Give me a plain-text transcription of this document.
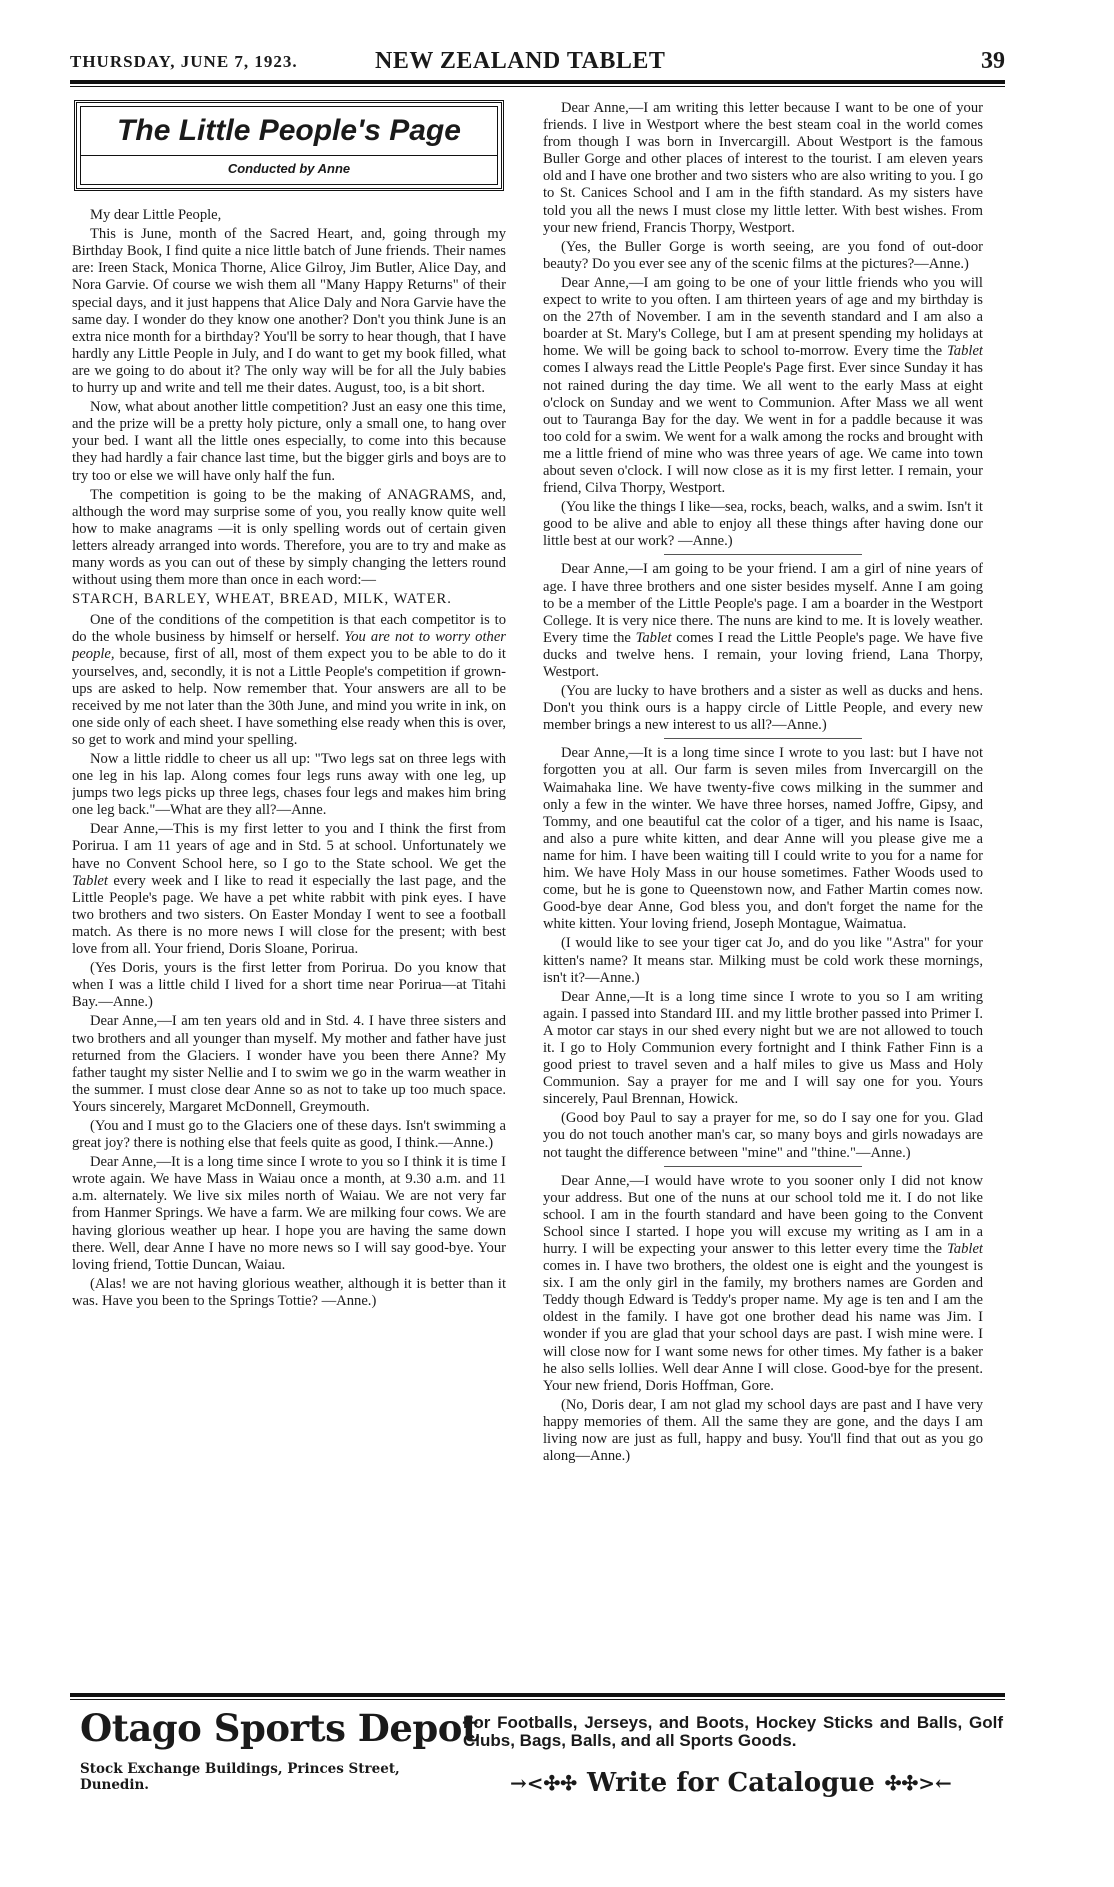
THURSDAY, JUNE 7, 1923.	NEW ZEALAND TABLET	39
The Little People's Page
Conducted by Anne

My dear Little People,

This is June, month of the Sacred Heart, and, going through my Birthday Book, I find quite a nice little batch of June friends. Their names are: Ireen Stack, Monica Thorne, Alice Gilroy, Jim Butler, Alice Day, and Nora Garvie. Of course we wish them all "Many Happy Returns" of their special days, and it just happens that Alice Daly and Nora Garvie have the same day. I wonder do they know one another? Don't you think June is an extra nice month for a birthday? You'll be sorry to hear though, that I have hardly any Little People in July, and I do want to get my book filled, what are we going to do about it? The only way will be for all the July babies to hurry up and write and tell me their dates. August, too, is a bit short.

Now, what about another little competition? Just an easy one this time, and the prize will be a pretty holy picture, only a small one, to hang over your bed. I want all the little ones especially, to come into this because they had hardly a fair chance last time, but the bigger girls and boys are to try too or else we will have only half the fun.

The competition is going to be the making of ANAGRAMS, and, although the word may surprise some of you, you really know quite well how to make anagrams —it is only spelling words out of certain given letters already arranged into words. Therefore, you are to try and make as many words as you can out of these by simply changing the letters round without using them more than once in each word:—

STARCH, BARLEY, WHEAT, BREAD, MILK, WATER.

One of the conditions of the competition is that each competitor is to do the whole business by himself or herself. You are not to worry other people, because, first of all, most of them expect you to be able to do it yourselves, and, secondly, it is not a Little People's competition if grown-ups are asked to help. Now remember that. Your answers are all to be received by me not later than the 30th June, and mind you write in ink, on one side only of each sheet. I have something else ready when this is over, so get to work and mind your spelling.

Now a little riddle to cheer us all up: "Two legs sat on three legs with one leg in his lap. Along comes four legs runs away with one leg, up jumps two legs picks up three legs, chases four legs and makes him bring one leg back."—What are they all?—Anne.

Dear Anne,—This is my first letter to you and I think the first from Porirua. I am 11 years of age and in Std. 5 at school. Unfortunately we have no Convent School here, so I go to the State school. We get the Tablet every week and I like to read it especially the last page, and the Little People's page. We have a pet white rabbit with pink eyes. I have two brothers and two sisters. On Easter Monday I went to see a football match. As there is no more news I will close for the present; with best love from all. Your friend, Doris Sloane, Porirua.

(Yes Doris, yours is the first letter from Porirua. Do you know that when I was a little child I lived for a short time near Porirua—at Titahi Bay.—Anne.)

Dear Anne,—I am ten years old and in Std. 4. I have three sisters and two brothers and all younger than myself. My mother and father have just returned from the Glaciers. I wonder have you been there Anne? My father taught my sister Nellie and I to swim we go in the warm weather in the summer. I must close dear Anne so as not to take up too much space. Yours sincerely, Margaret McDonnell, Greymouth.

(You and I must go to the Glaciers one of these days. Isn't swimming a great joy? there is nothing else that feels quite as good, I think.—Anne.)

Dear Anne,—It is a long time since I wrote to you so I think it is time I wrote again. We have Mass in Waiau once a month, at 9.30 a.m. and 11 a.m. alternately. We live six miles north of Waiau. We are not very far from Hanmer Springs. We have a farm. We are milking four cows. We are having glorious weather up hear. I hope you are having the same down there. Well, dear Anne I have no more news so I will say good-bye. Your loving friend, Tottie Duncan, Waiau.

(Alas! we are not having glorious weather, although it is better than it was. Have you been to the Springs Tottie? —Anne.)

Dear Anne,—I am writing this letter because I want to be one of your friends. I live in Westport where the best steam coal in the world comes from though I was born in Invercargill. About Westport is the famous Buller Gorge and other places of interest to the tourist. I am eleven years old and I have one brother and two sisters who are also writing to you. I go to St. Canices School and I am in the fifth standard. As my sisters have told you all the news I must close my little letter. With best wishes. From your new friend, Francis Thorpy, Westport.

(Yes, the Buller Gorge is worth seeing, are you fond of out-door beauty? Do you ever see any of the scenic films at the pictures?—Anne.)

Dear Anne,—I am going to be one of your little friends who you will expect to write to you often. I am thirteen years of age and my birthday is on the 27th of November. I am in the seventh standard and I am also a boarder at St. Mary's College, but I am at present spending my holidays at home. We will be going back to school to-morrow. Every time the Tablet comes I always read the Little People's Page first. Ever since Sunday it has not rained during the day time. We all went to the early Mass at eight o'clock on Sunday and we went to Communion. After Mass we all went out to Tauranga Bay for the day. We went in for a paddle because it was too cold for a swim. We went for a walk among the rocks and brought with me a little friend of mine who was three years of age. We came into town about seven o'clock. I will now close as it is my first letter. I remain, your friend, Cilva Thorpy, Westport.

(You like the things I like—sea, rocks, beach, walks, and a swim. Isn't it good to be alive and able to enjoy all these things after having done our little best at our work? —Anne.)

Dear Anne,—I am going to be your friend. I am a girl of nine years of age. I have three brothers and one sister besides myself. Anne I am going to be a member of the Little People's page. I am a boarder in the Westport College. It is very nice there. The nuns are kind to me. It is lovely weather. Every time the Tablet comes I read the Little People's page. We have five ducks and twelve hens. I remain, your loving friend, Lana Thorpy, Westport.

(You are lucky to have brothers and a sister as well as ducks and hens. Don't you think ours is a happy circle of Little People, and every new member brings a new interest to us all?—Anne.)

Dear Anne,—It is a long time since I wrote to you last: but I have not forgotten you at all. Our farm is seven miles from Invercargill on the Waimahaka line. We have twenty-five cows milking in the summer and only a few in the winter. We have three horses, named Joffre, Gipsy, and Tommy, and one beautiful cat the color of a tiger, and his name is Isaac, and also a pure white kitten, and dear Anne will you please give me a name for him. I have been waiting till I could write to you for a name for him. We have Holy Mass in our house sometimes. Father Woods used to come, but he is gone to Queenstown now, and Father Martin comes now. Good-bye dear Anne, God bless you, and don't forget the name for the white kitten. Your loving friend, Joseph Montague, Waimatua.

(I would like to see your tiger cat Jo, and do you like "Astra" for your kitten's name? It means star. Milking must be cold work these mornings, isn't it?—Anne.)

Dear Anne,—It is a long time since I wrote to you so I am writing again. I passed into Standard III. and my little brother passed into Primer I. A motor car stays in our shed every night but we are not allowed to touch it. I go to Holy Communion every fortnight and I think Father Finn is a good priest to travel seven and a half miles to give us Mass and Holy Communion. Say a prayer for me and I will say one for you. Yours sincerely, Paul Brennan, Howick.

(Good boy Paul to say a prayer for me, so do I say one for you. Glad you do not touch another man's car, so many boys and girls nowadays are not taught the difference between "mine" and "thine."—Anne.)

Dear Anne,—I would have wrote to you sooner only I did not know your address. But one of the nuns at our school told me it. I do not like school. I am in the fourth standard and have been going to the Convent School since I started. I hope you will excuse my writing as I am in a hurry. I will be expecting your answer to this letter every time the Tablet comes in. I have two brothers, the oldest one is eight and the youngest is six. I am the only girl in the family, my brothers names are Gorden and Teddy though Edward is Teddy's proper name. My age is ten and I am the oldest in the family. I have got one brother dead his name was Jim. I wonder if you are glad that your school days are past. I wish mine were. I will close now for I want some news for other times. My father is a baker he also sells lollies. Well dear Anne I will close. Good-bye for the present. Your new friend, Doris Hoffman, Gore.

(No, Doris dear, I am not glad my school days are past and I have very happy memories of them. All the same they are gone, and the days I am living now are just as full, happy and busy. You'll find that out as you go along—Anne.)

Otago Sports Depot
Stock Exchange Buildings, Princes Street, Dunedin.
For Footballs, Jerseys, and Boots, Hockey Sticks and Balls, Golf Clubs, Bags, Balls, and all Sports Goods.
→<✣✣ Write for Catalogue ✣✣>←
